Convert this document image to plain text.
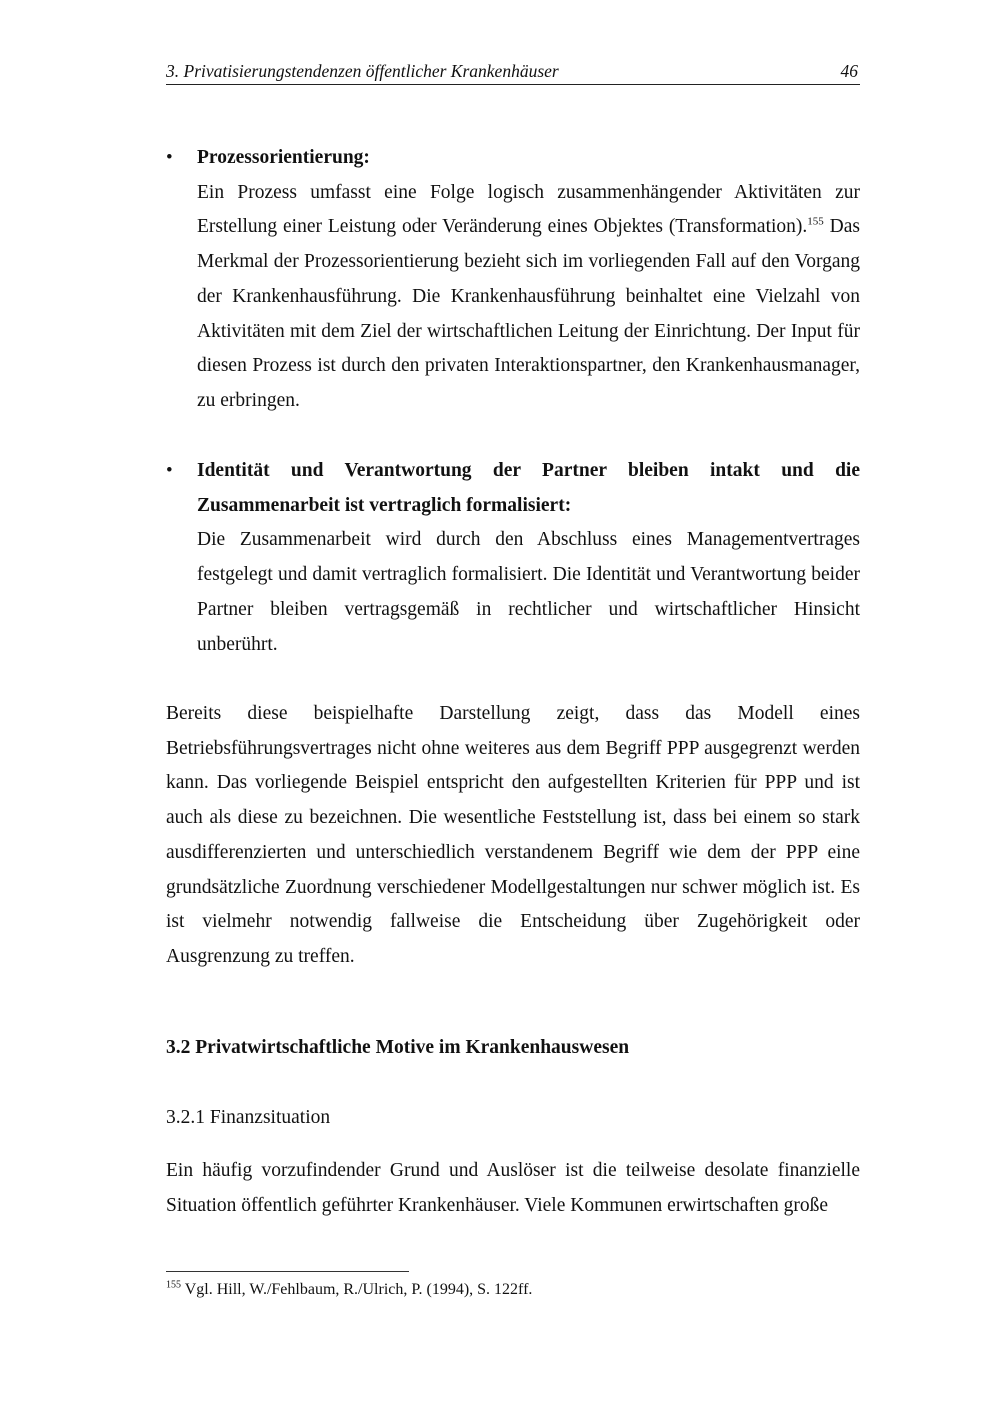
3. Privatisierungstendenzen öffentlicher Krankenhäuser	46
•	Prozessorientierung:
Ein Prozess umfasst eine Folge logisch zusammenhängender Aktivitäten zur Erstellung einer Leistung oder Veränderung eines Objektes (Transformation).$^{155}$ Das Merkmal der Prozessorientierung bezieht sich im vorliegenden Fall auf den Vorgang der Krankenhausführung. Die Krankenhausführung beinhaltet eine Vielzahl von Aktivitäten mit dem Ziel der wirtschaftlichen Leitung der Einrichtung. Der Input für diesen Prozess ist durch den privaten Interaktionspartner, den Krankenhausmanager, zu erbringen.
•	Identität und Verantwortung der Partner bleiben intakt und die
Zusammenarbeit ist vertraglich formalisiert:
Die Zusammenarbeit wird durch den Abschluss eines Managementvertrages festgelegt und damit vertraglich formalisiert. Die Identität und Verantwortung beider Partner bleiben vertragsgemäß in rechtlicher und wirtschaftlicher Hinsicht unberührt.
Bereits diese beispielhafte Darstellung zeigt, dass das Modell eines Betriebsführungsvertrages nicht ohne weiteres aus dem Begriff PPP ausgegrenzt werden kann. Das vorliegende Beispiel entspricht den aufgestellten Kriterien für PPP und ist auch als diese zu bezeichnen. Die wesentliche Feststellung ist, dass bei einem so stark ausdifferenzierten und unterschiedlich verstandenem Begriff wie dem der PPP eine grundsätzliche Zuordnung verschiedener Modellgestaltungen nur schwer möglich ist. Es ist vielmehr notwendig fallweise die Entscheidung über Zugehörigkeit oder Ausgrenzung zu treffen.
3.2 Privatwirtschaftliche Motive im Krankenhauswesen
3.2.1 Finanzsituation
Ein häufig vorzufindender Grund und Auslöser ist die teilweise desolate finanzielle Situation öffentlich geführter Krankenhäuser. Viele Kommunen erwirtschaften große
$^{155}$ Vgl. Hill, W./Fehlbaum, R./Ulrich, P. (1994), S. 122ff.
